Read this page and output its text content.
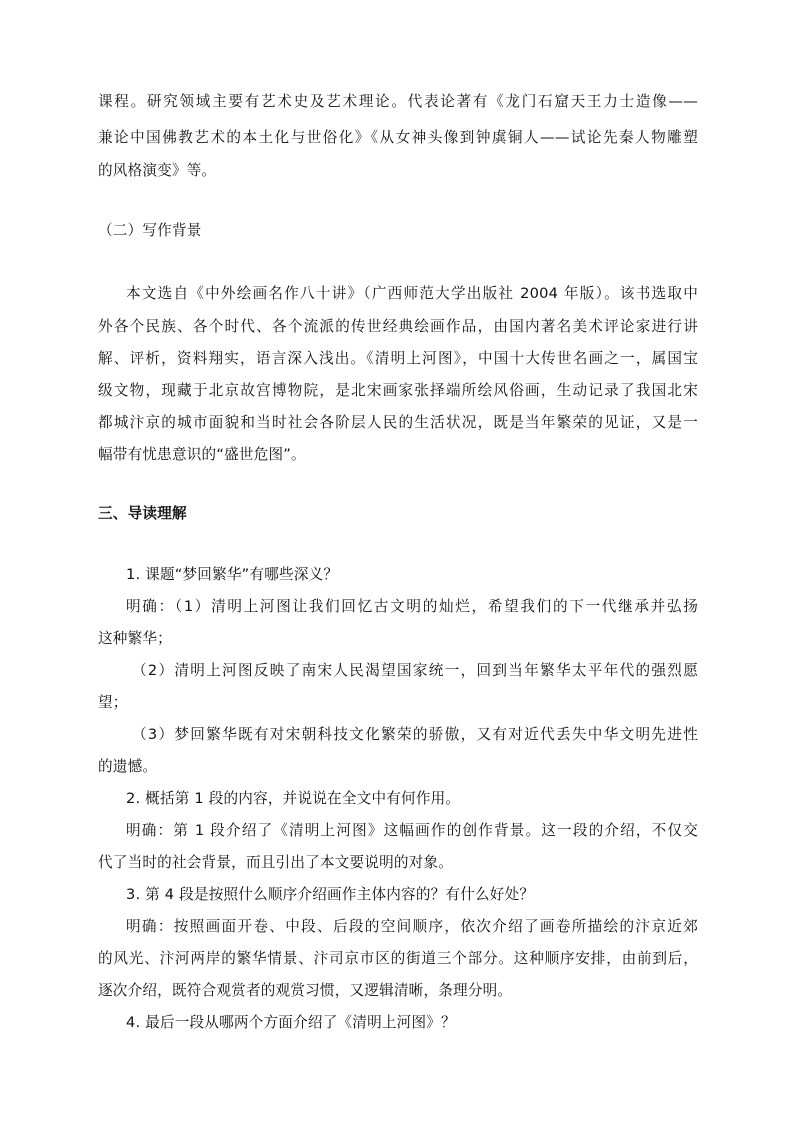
课程。研究领域主要有艺术史及艺术理论。代表论著有《龙门石窟天王力士造像——
兼论中国佛教艺术的本土化与世俗化》《从女神头像到钟虡铜人——试论先秦人物雕塑
的风格演变》等。
（二）写作背景
本文选自《中外绘画名作八十讲》（广西师范大学出版社 2004 年版）。该书选取中
外各个民族、各个时代、各个流派的传世经典绘画作品，由国内著名美术评论家进行讲
解、评析，资料翔实，语言深入浅出。《清明上河图》，中国十大传世名画之一，属国宝
级文物，现藏于北京故宫博物院，是北宋画家张择端所绘风俗画，生动记录了我国北宋
都城汴京的城市面貌和当时社会各阶层人民的生活状况，既是当年繁荣的见证，又是一
幅带有忧患意识的“盛世危图”。
三、导读理解
1. 课题“梦回繁华”有哪些深义？
明确：（1）清明上河图让我们回忆古文明的灿烂，希望我们的下一代继承并弘扬
这种繁华；
（2）清明上河图反映了南宋人民渴望国家统一，回到当年繁华太平年代的强烈愿
望；
（3）梦回繁华既有对宋朝科技文化繁荣的骄傲，又有对近代丢失中华文明先进性
的遗憾。
2. 概括第 1 段的内容，并说说在全文中有何作用。
明确：第 1 段介绍了《清明上河图》这幅画作的创作背景。这一段的介绍，不仅交
代了当时的社会背景，而且引出了本文要说明的对象。
3. 第 4 段是按照什么顺序介绍画作主体内容的？有什么好处？
明确：按照画面开卷、中段、后段的空间顺序，依次介绍了画卷所描绘的汴京近郊
的风光、汴河两岸的繁华情景、汴司京市区的街道三个部分。这种顺序安排，由前到后，
逐次介绍，既符合观赏者的观赏习惯，又逻辑清晰，条理分明。
4. 最后一段从哪两个方面介绍了《清明上河图》？
